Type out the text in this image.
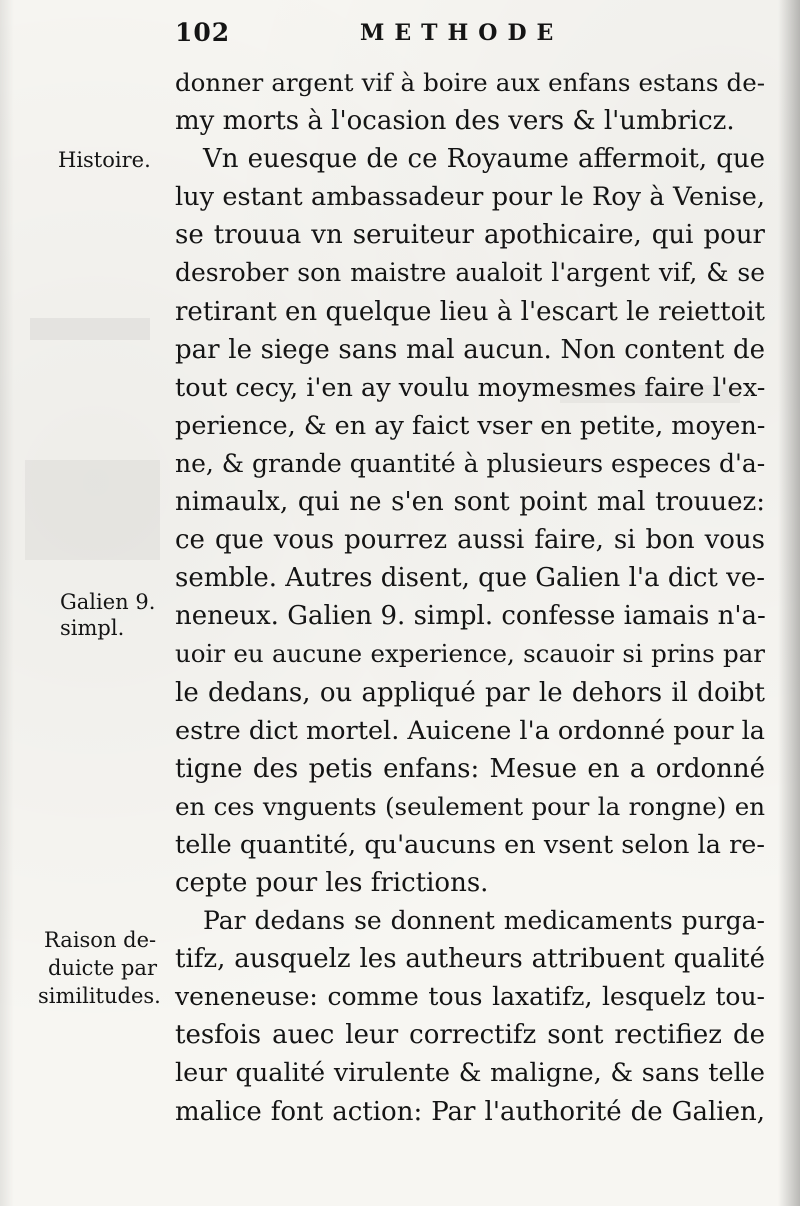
102	METHODE
donner argent vif à boire aux enfans estans de-
my morts à l'ocasion des vers & l'umbricz.
Vn euesque de ce Royaume affermoit, que
luy estant ambassadeur pour le Roy à Venise,
se trouua vn seruiteur apothicaire, qui pour
desrober son maistre aualoit l'argent vif, & se
retirant en quelque lieu à l'escart le reiettoit
par le siege sans mal aucun. Non content de
tout cecy, i'en ay voulu moymesmes faire l'ex-
perience, & en ay faict vser en petite, moyen-
ne, & grande quantité à plusieurs especes d'a-
nimaulx, qui ne s'en sont point mal trouuez:
ce que vous pourrez aussi faire, si bon vous
semble. Autres disent, que Galien l'a dict ve-
neneux. Galien 9. simpl. confesse iamais n'a-
uoir eu aucune experience, scauoir si prins par
le dedans, ou appliqué par le dehors il doibt
estre dict mortel. Auicene l'a ordonné pour la
tigne des petis enfans: Mesue en a ordonné
en ces vnguents (seulement pour la rongne) en
telle quantité, qu'aucuns en vsent selon la re-
cepte pour les frictions.
Par dedans se donnent medicaments purga-
tifz, ausquelz les autheurs attribuent qualité
veneneuse: comme tous laxatifz, lesquelz tou-
tesfois auec leur correctifz sont rectifiez de
leur qualité virulente & maligne, & sans telle
malice font action: Par l'authorité de Galien,
Histoire.
Galien 9.
simpl.
Raison de-
duicte par
similitudes.
